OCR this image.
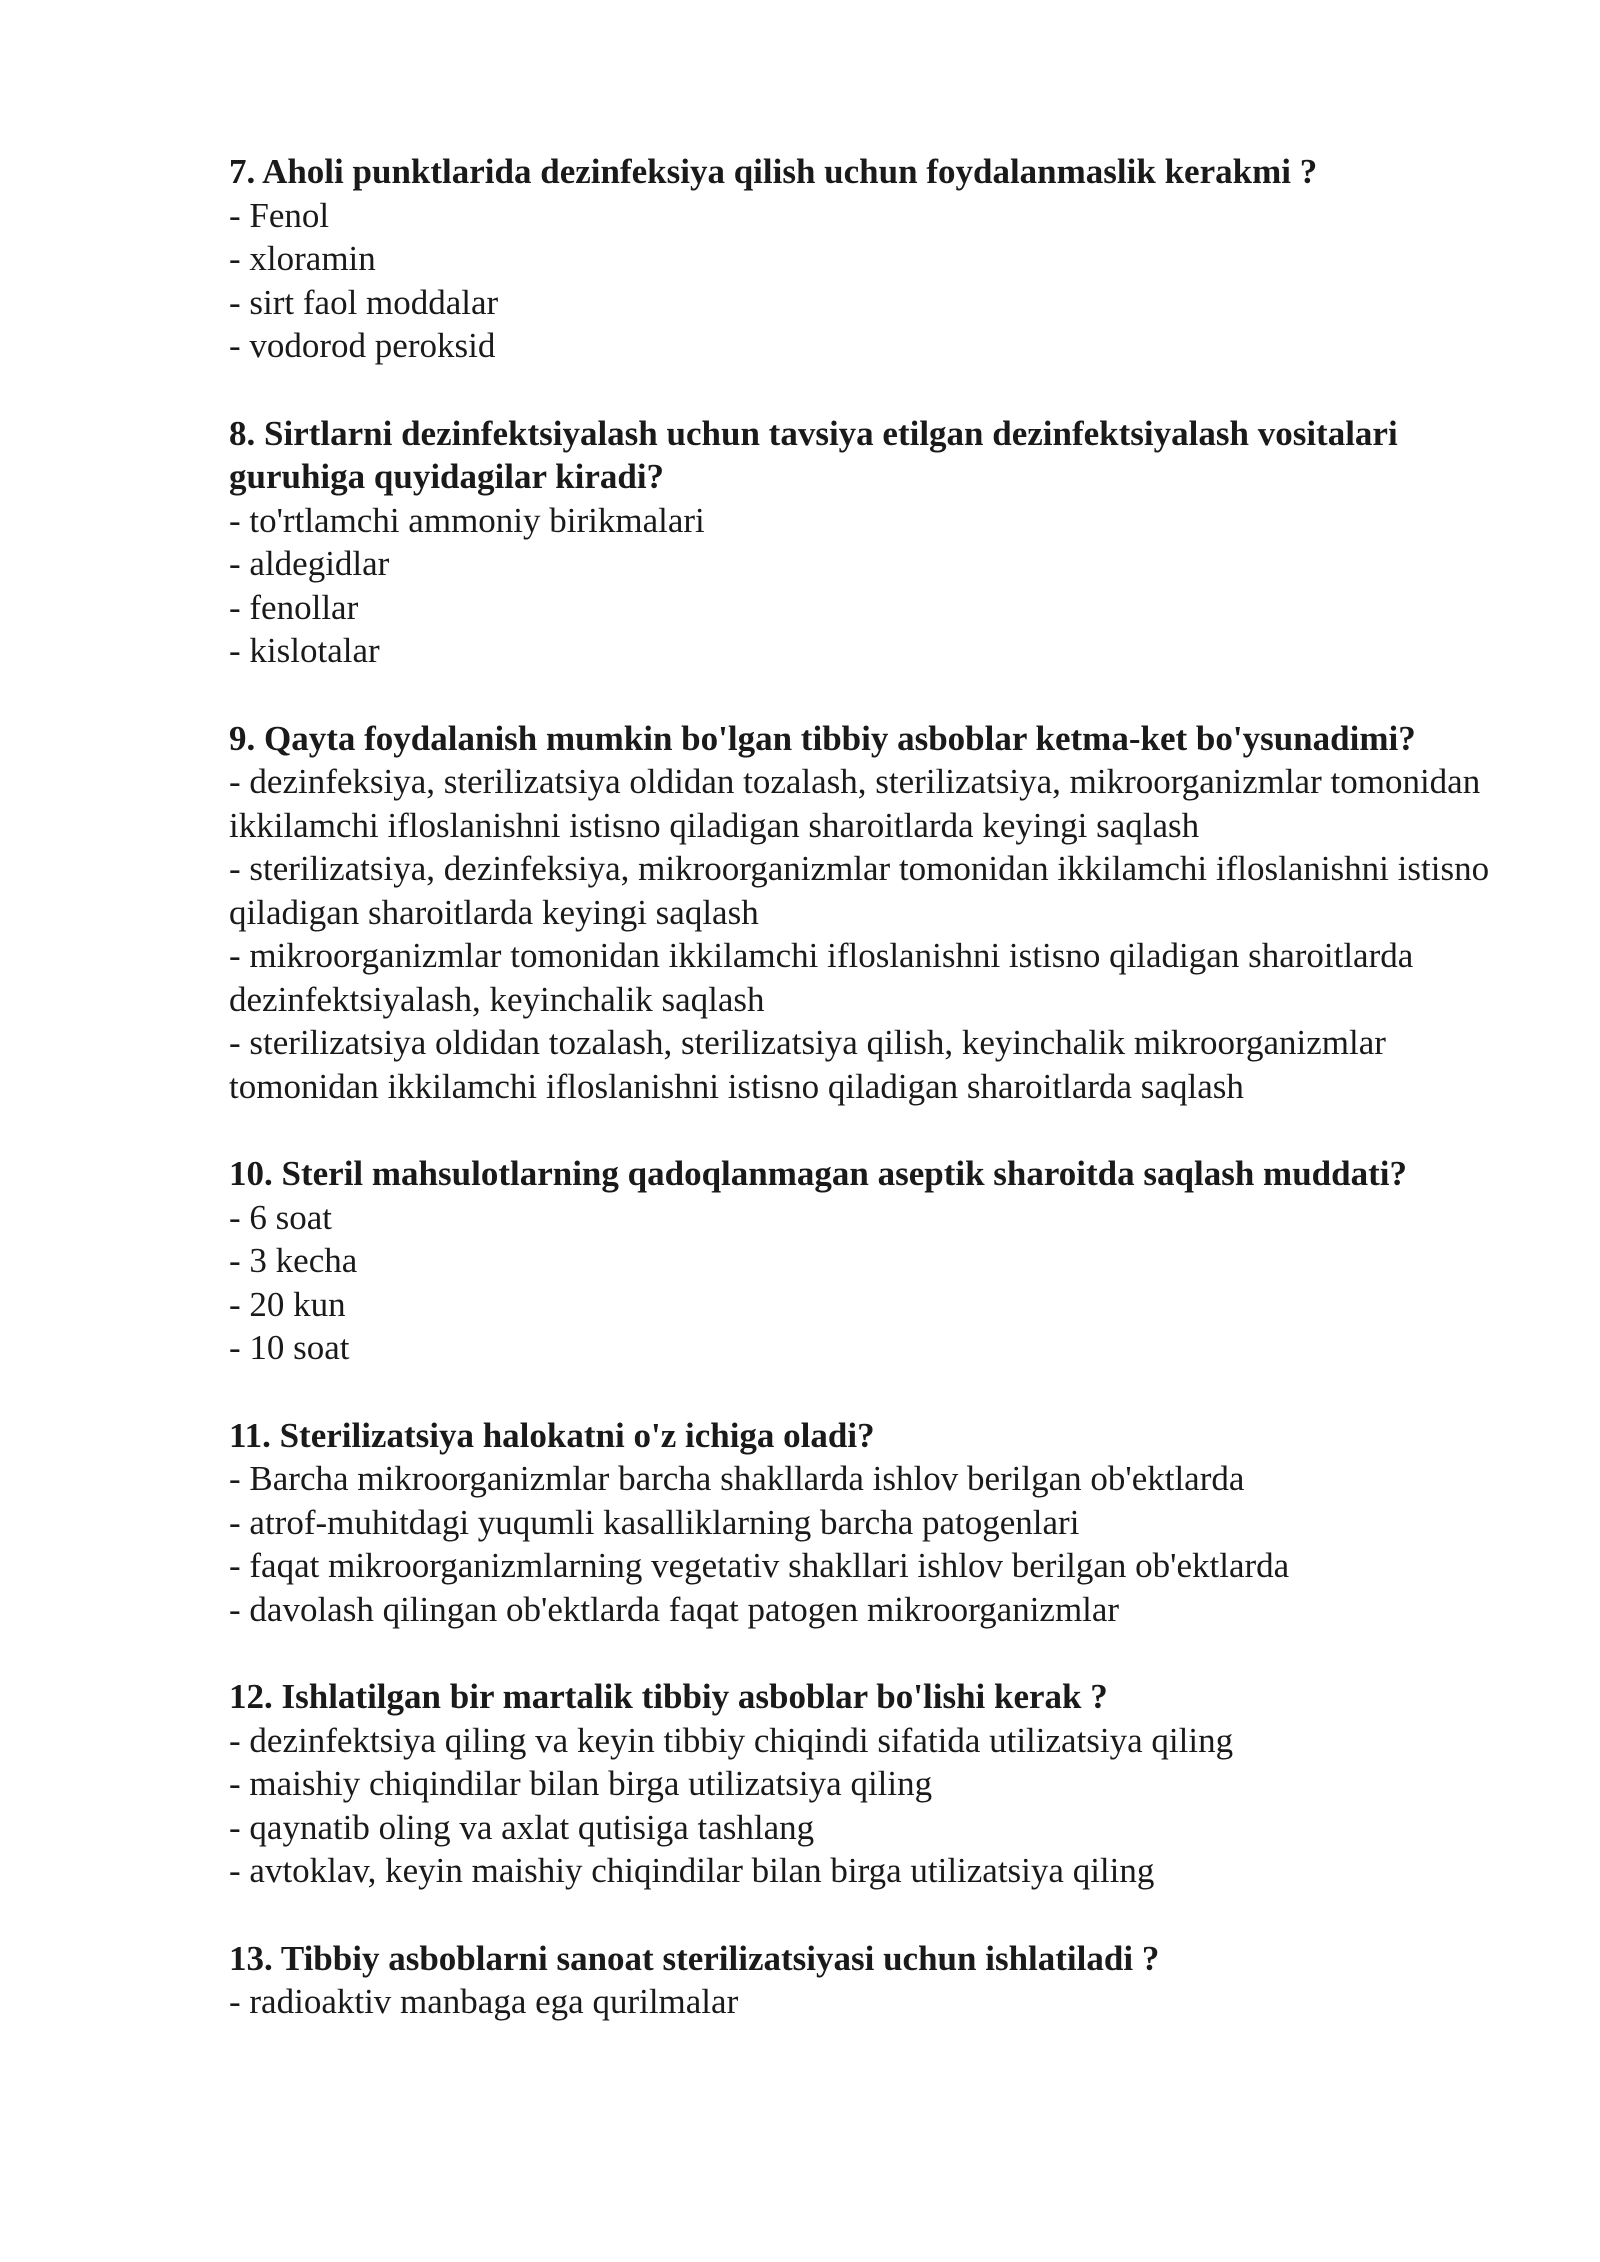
7. Aholi punktlarida dezinfeksiya qilish uchun foydalanmaslik kerakmi ?

- Fenol
- xloramin
- sirt faol moddalar
- vodorod peroksid

8. Sirtlarni dezinfektsiyalash uchun tavsiya etilgan dezinfektsiyalash vositalari guruhiga quyidagilar kiradi?

- to'rtlamchi ammoniy birikmalari
- aldegidlar
- fenollar
- kislotalar

9. Qayta foydalanish mumkin bo'lgan tibbiy asboblar ketma-ket bo'ysunadimi?

- dezinfeksiya, sterilizatsiya oldidan tozalash, sterilizatsiya, mikroorganizmlar tomonidan ikkilamchi ifloslanishni istisno qiladigan sharoitlarda keyingi saqlash
- sterilizatsiya, dezinfeksiya, mikroorganizmlar tomonidan ikkilamchi ifloslanishni istisno qiladigan sharoitlarda keyingi saqlash
- mikroorganizmlar tomonidan ikkilamchi ifloslanishni istisno qiladigan sharoitlarda dezinfektsiyalash, keyinchalik saqlash
- sterilizatsiya oldidan tozalash, sterilizatsiya qilish, keyinchalik mikroorganizmlar tomonidan ikkilamchi ifloslanishni istisno qiladigan sharoitlarda saqlash

10. Steril mahsulotlarning qadoqlanmagan aseptik sharoitda saqlash muddati?

- 6 soat
- 3 kecha
- 20 kun
- 10 soat

11. Sterilizatsiya halokatni o'z ichiga oladi?

- Barcha mikroorganizmlar barcha shakllarda ishlov berilgan ob'ektlarda
- atrof-muhitdagi yuqumli kasalliklarning barcha patogenlari
- faqat mikroorganizmlarning vegetativ shakllari ishlov berilgan ob'ektlarda
- davolash qilingan ob'ektlarda faqat patogen mikroorganizmlar

12. Ishlatilgan bir martalik tibbiy asboblar bo'lishi kerak ?

- dezinfektsiya qiling va keyin tibbiy chiqindi sifatida utilizatsiya qiling
- maishiy chiqindilar bilan birga utilizatsiya qiling
- qaynatib oling va axlat qutisiga tashlang
- avtoklav, keyin maishiy chiqindilar bilan birga utilizatsiya qiling

13. Tibbiy asboblarni sanoat sterilizatsiyasi uchun ishlatiladi ?

- radioaktiv manbaga ega qurilmalar
